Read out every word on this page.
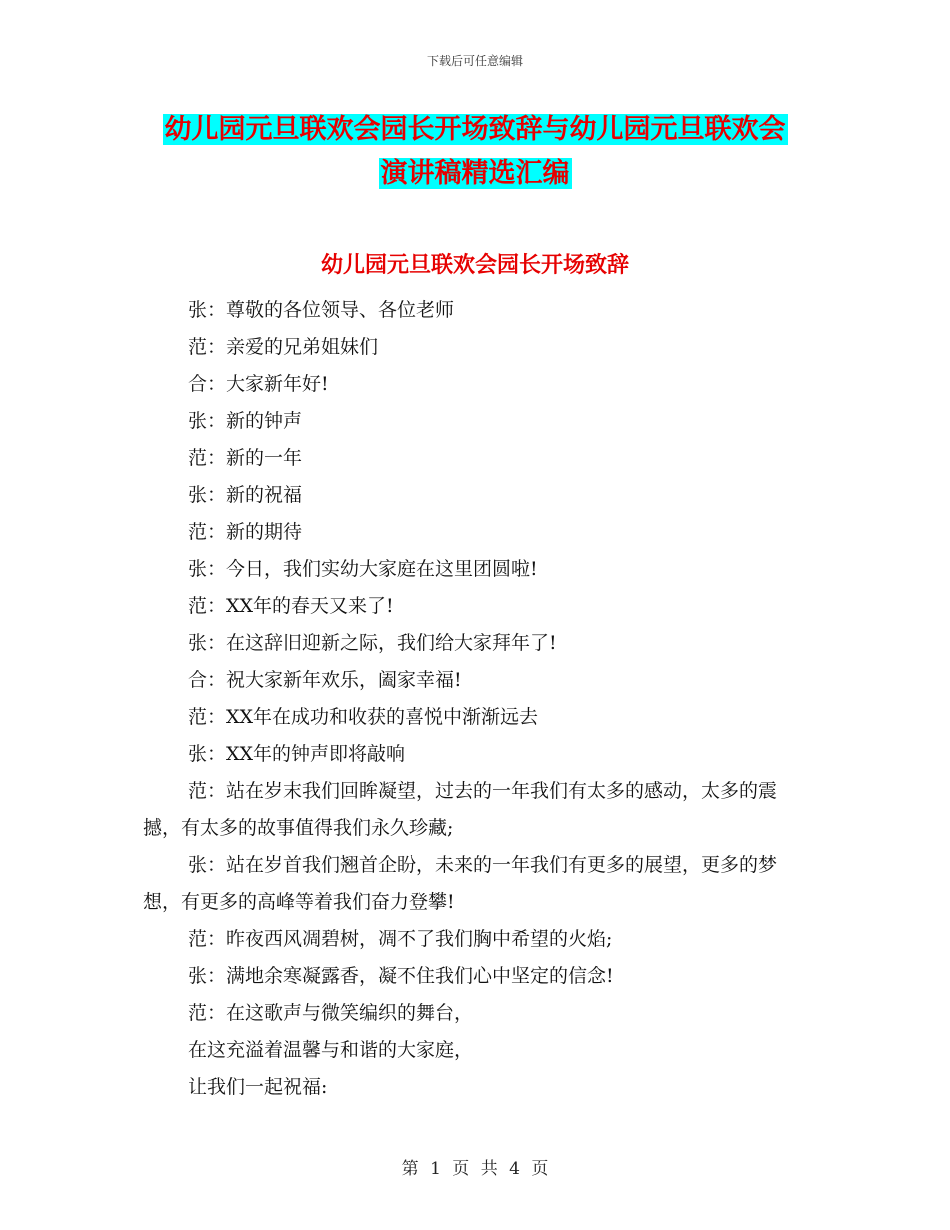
下载后可任意编辑
幼儿园元旦联欢会园长开场致辞与幼儿园元旦联欢会
演讲稿精选汇编
幼儿园元旦联欢会园长开场致辞

张：尊敬的各位领导、各位老师

范：亲爱的兄弟姐妹们

合：大家新年好!

张：新的钟声

范：新的一年

张：新的祝福

范：新的期待

张：今日，我们实幼大家庭在这里团圆啦!

范：XX年的春天又来了!

张：在这辞旧迎新之际，我们给大家拜年了!

合：祝大家新年欢乐，阖家幸福!

范：XX年在成功和收获的喜悦中渐渐远去

张：XX年的钟声即将敲响

范：站在岁末我们回眸凝望，过去的一年我们有太多的感动，太多的震撼，有太多的故事值得我们永久珍藏;

张：站在岁首我们翘首企盼，未来的一年我们有更多的展望，更多的梦想，有更多的高峰等着我们奋力登攀!

范：昨夜西风凋碧树，凋不了我们胸中希望的火焰;

张：满地余寒凝露香，凝不住我们心中坚定的信念!

范：在这歌声与微笑编织的舞台，

在这充溢着温馨与和谐的大家庭，

让我们一起祝福:

第 1 页 共 4 页
